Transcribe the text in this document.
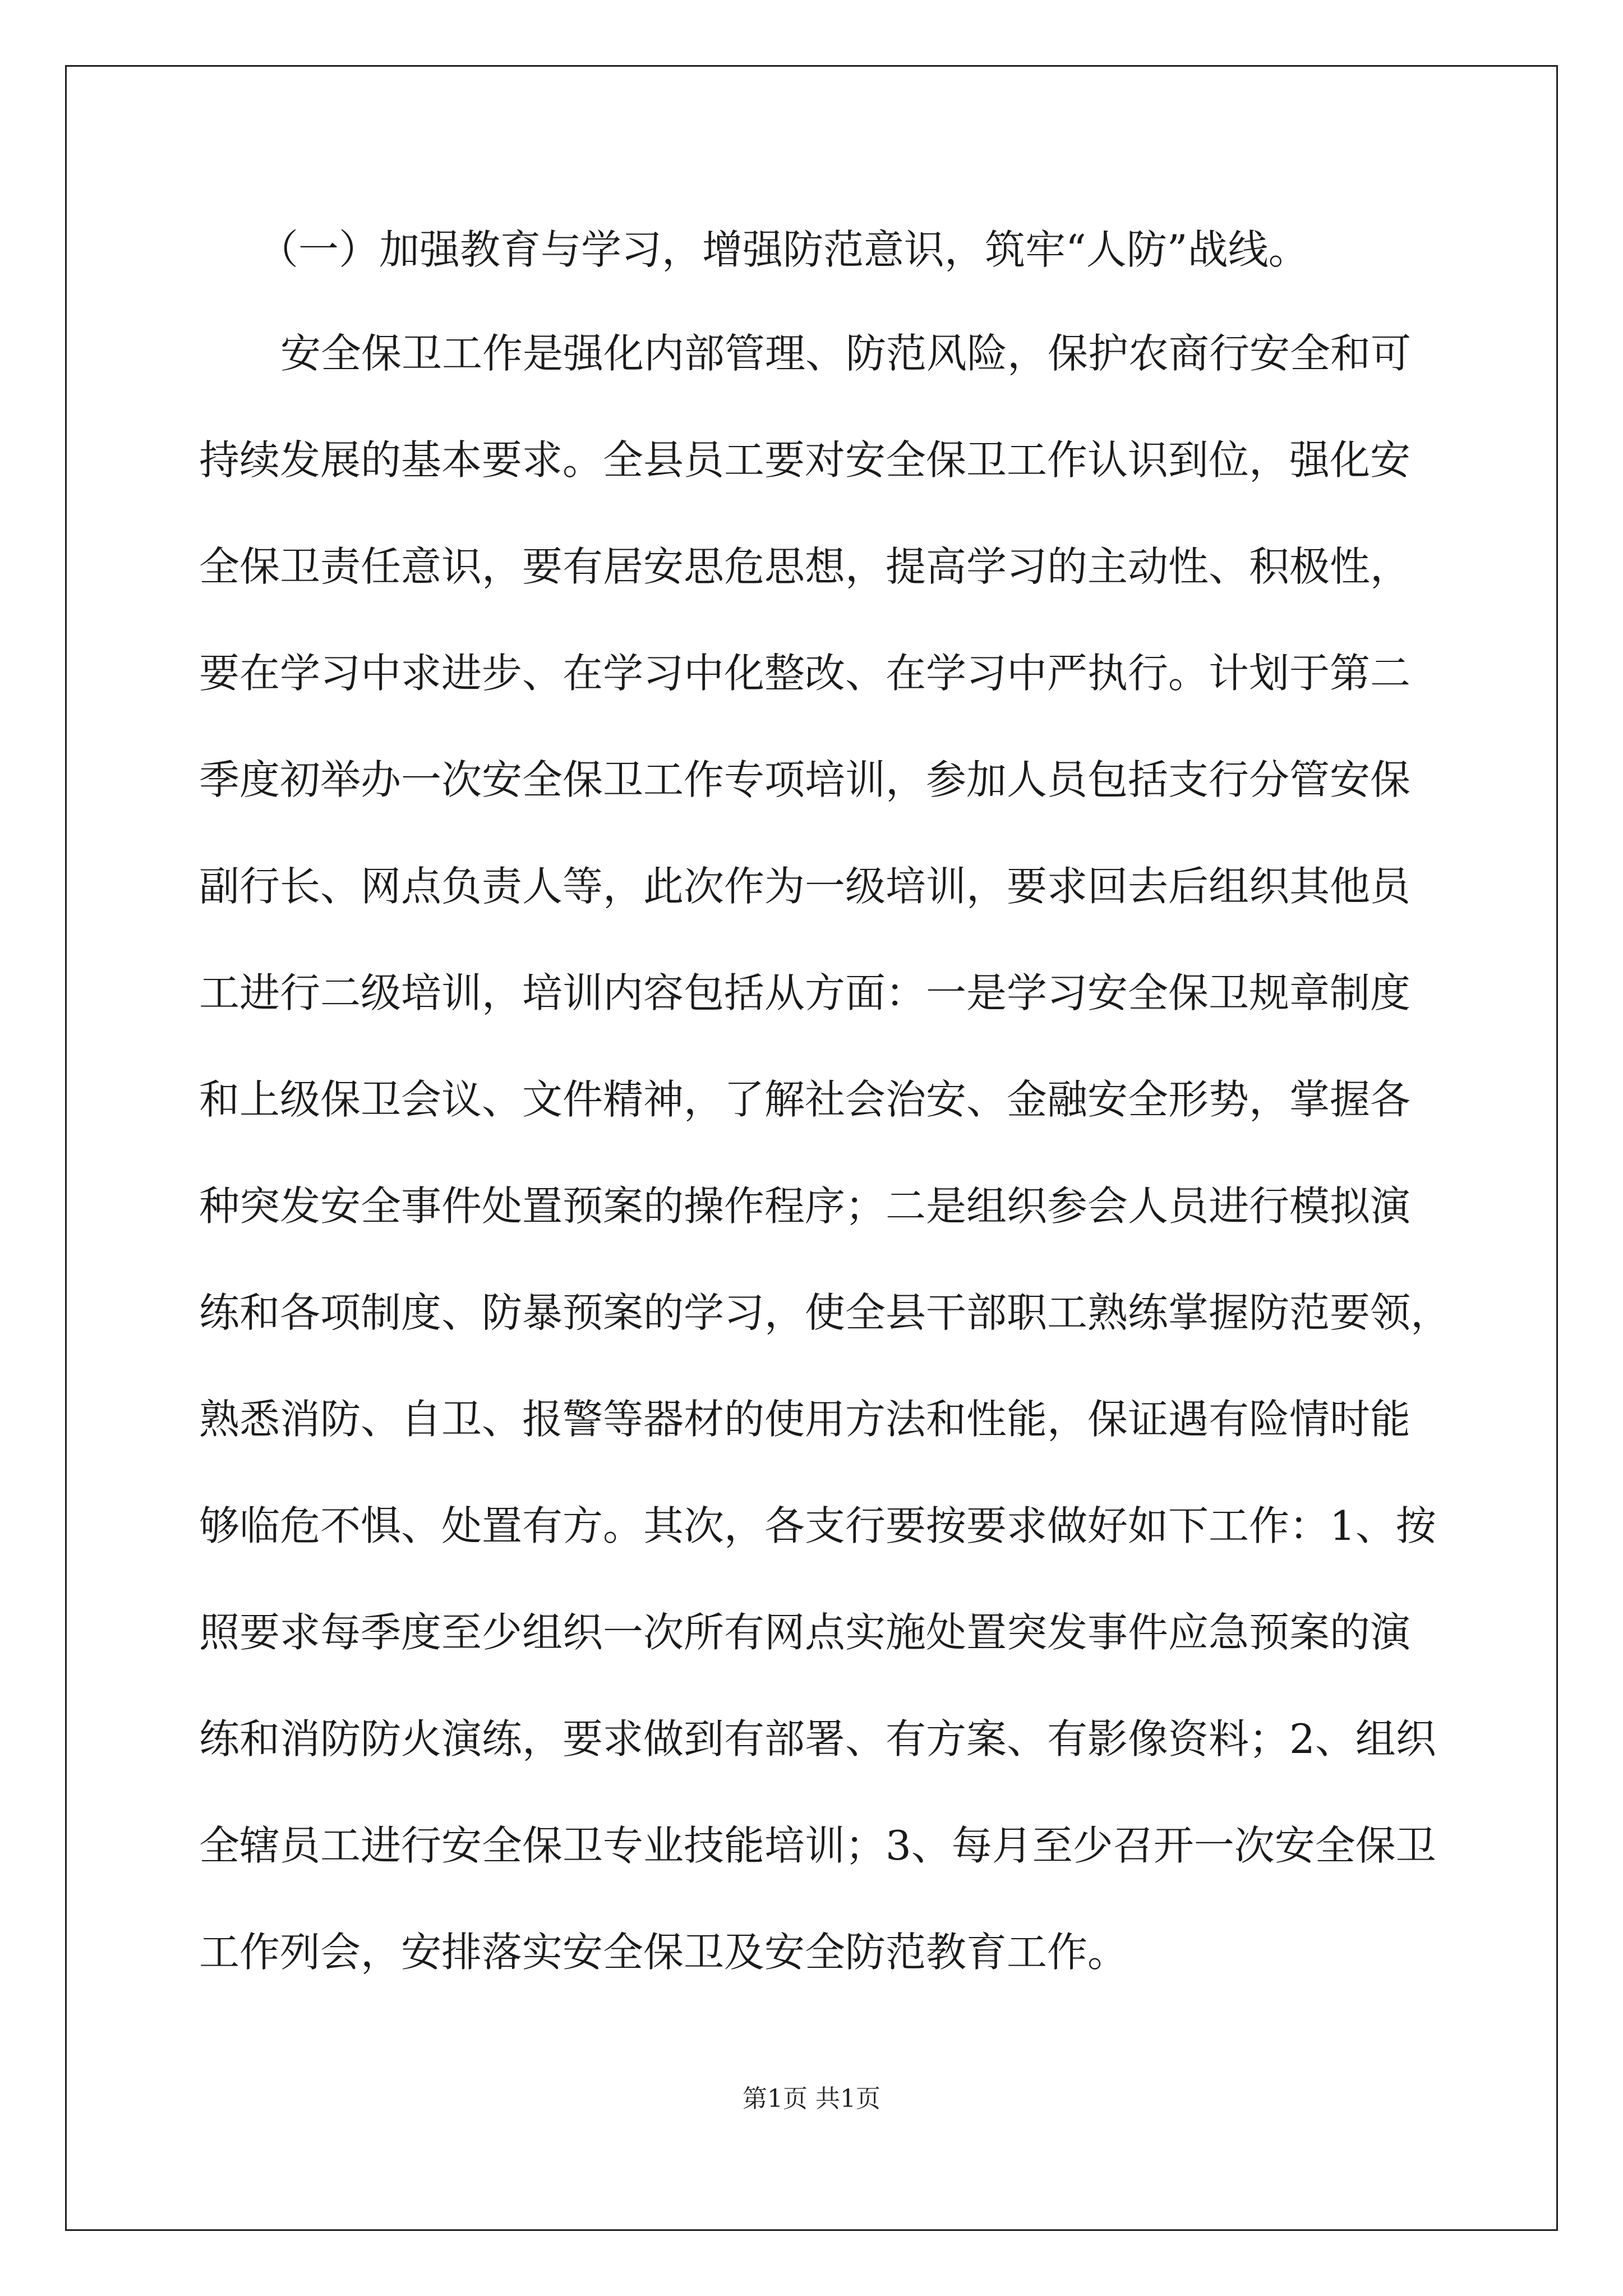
（一）加强教育与学习，增强防范意识，筑牢“人防”战线。
安全保卫工作是强化内部管理、防范风险，保护农商行安全和可
持续发展的基本要求。全县员工要对安全保卫工作认识到位，强化安
全保卫责任意识，要有居安思危思想，提高学习的主动性、积极性，
要在学习中求进步、在学习中化整改、在学习中严执行。计划于第二
季度初举办一次安全保卫工作专项培训，参加人员包括支行分管安保
副行长、网点负责人等，此次作为一级培训，要求回去后组织其他员
工进行二级培训，培训内容包括从方面：一是学习安全保卫规章制度
和上级保卫会议、文件精神，了解社会治安、金融安全形势，掌握各
种突发安全事件处置预案的操作程序；二是组织参会人员进行模拟演
练和各项制度、防暴预案的学习，使全县干部职工熟练掌握防范要领，
熟悉消防、自卫、报警等器材的使用方法和性能，保证遇有险情时能
够临危不惧、处置有方。其次，各支行要按要求做好如下工作：1、按
照要求每季度至少组织一次所有网点实施处置突发事件应急预案的演
练和消防防火演练，要求做到有部署、有方案、有影像资料；2、组织
全辖员工进行安全保卫专业技能培训；3、每月至少召开一次安全保卫
工作列会，安排落实安全保卫及安全防范教育工作。
第1页 共1页
